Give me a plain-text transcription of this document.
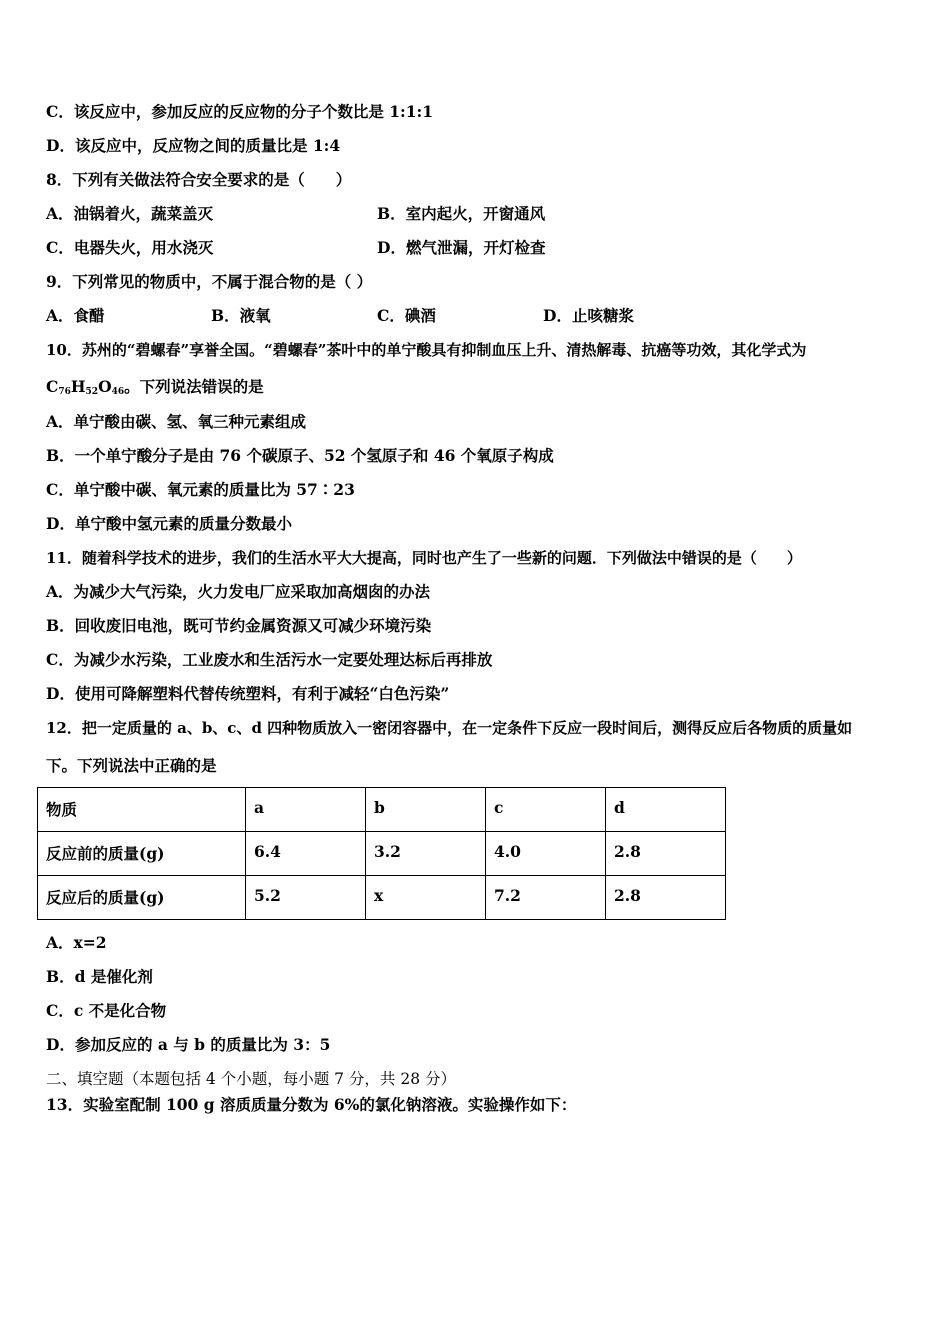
C．该反应中，参加反应的反应物的分子个数比是 1:1:1
D．该反应中，反应物之间的质量比是 1:4
8．下列有关做法符合安全要求的是（　　）
A．油锅着火，蔬菜盖灭	B．室内起火，开窗通风
C．电器失火，用水浇灭	D．燃气泄漏，开灯检查
9．下列常见的物质中，不属于混合物的是（ ）
A．食醋	B．液氧	C．碘酒	D．止咳糖浆
10．苏州的“碧螺春”享誉全国。“碧螺春”茶叶中的单宁酸具有抑制血压上升、清热解毒、抗癌等功效，其化学式为
$C_{76}H_{52}O_{46}$。下列说法错误的是
A．单宁酸由碳、氢、氧三种元素组成
B．一个单宁酸分子是由 76 个碳原子、52 个氢原子和 46 个氧原子构成
C．单宁酸中碳、氧元素的质量比为 57∶23
D．单宁酸中氢元素的质量分数最小
11．随着科学技术的进步，我们的生活水平大大提高，同时也产生了一些新的问题．下列做法中错误的是（　　）
A．为减少大气污染，火力发电厂应采取加高烟囱的办法
B．回收废旧电池，既可节约金属资源又可减少环境污染
C．为减少水污染，工业废水和生活污水一定要处理达标后再排放
D．使用可降解塑料代替传统塑料，有利于减轻“白色污染”
12．把一定质量的 a、b、c、d 四种物质放入一密闭容器中，在一定条件下反应一段时间后，测得反应后各物质的质量如
下。下列说法中正确的是
物质	a	b	c	d
反应前的质量(g)	6.4	3.2	4.0	2.8
反应后的质量(g)	5.2	x	7.2	2.8
A．x=2
B．d 是催化剂
C．c 不是化合物
D．参加反应的 a 与 b 的质量比为 3：5
二、填空题（本题包括 4 个小题，每小题 7 分，共 28 分）
13．实验室配制 100 g 溶质质量分数为 6%的氯化钠溶液。实验操作如下：
